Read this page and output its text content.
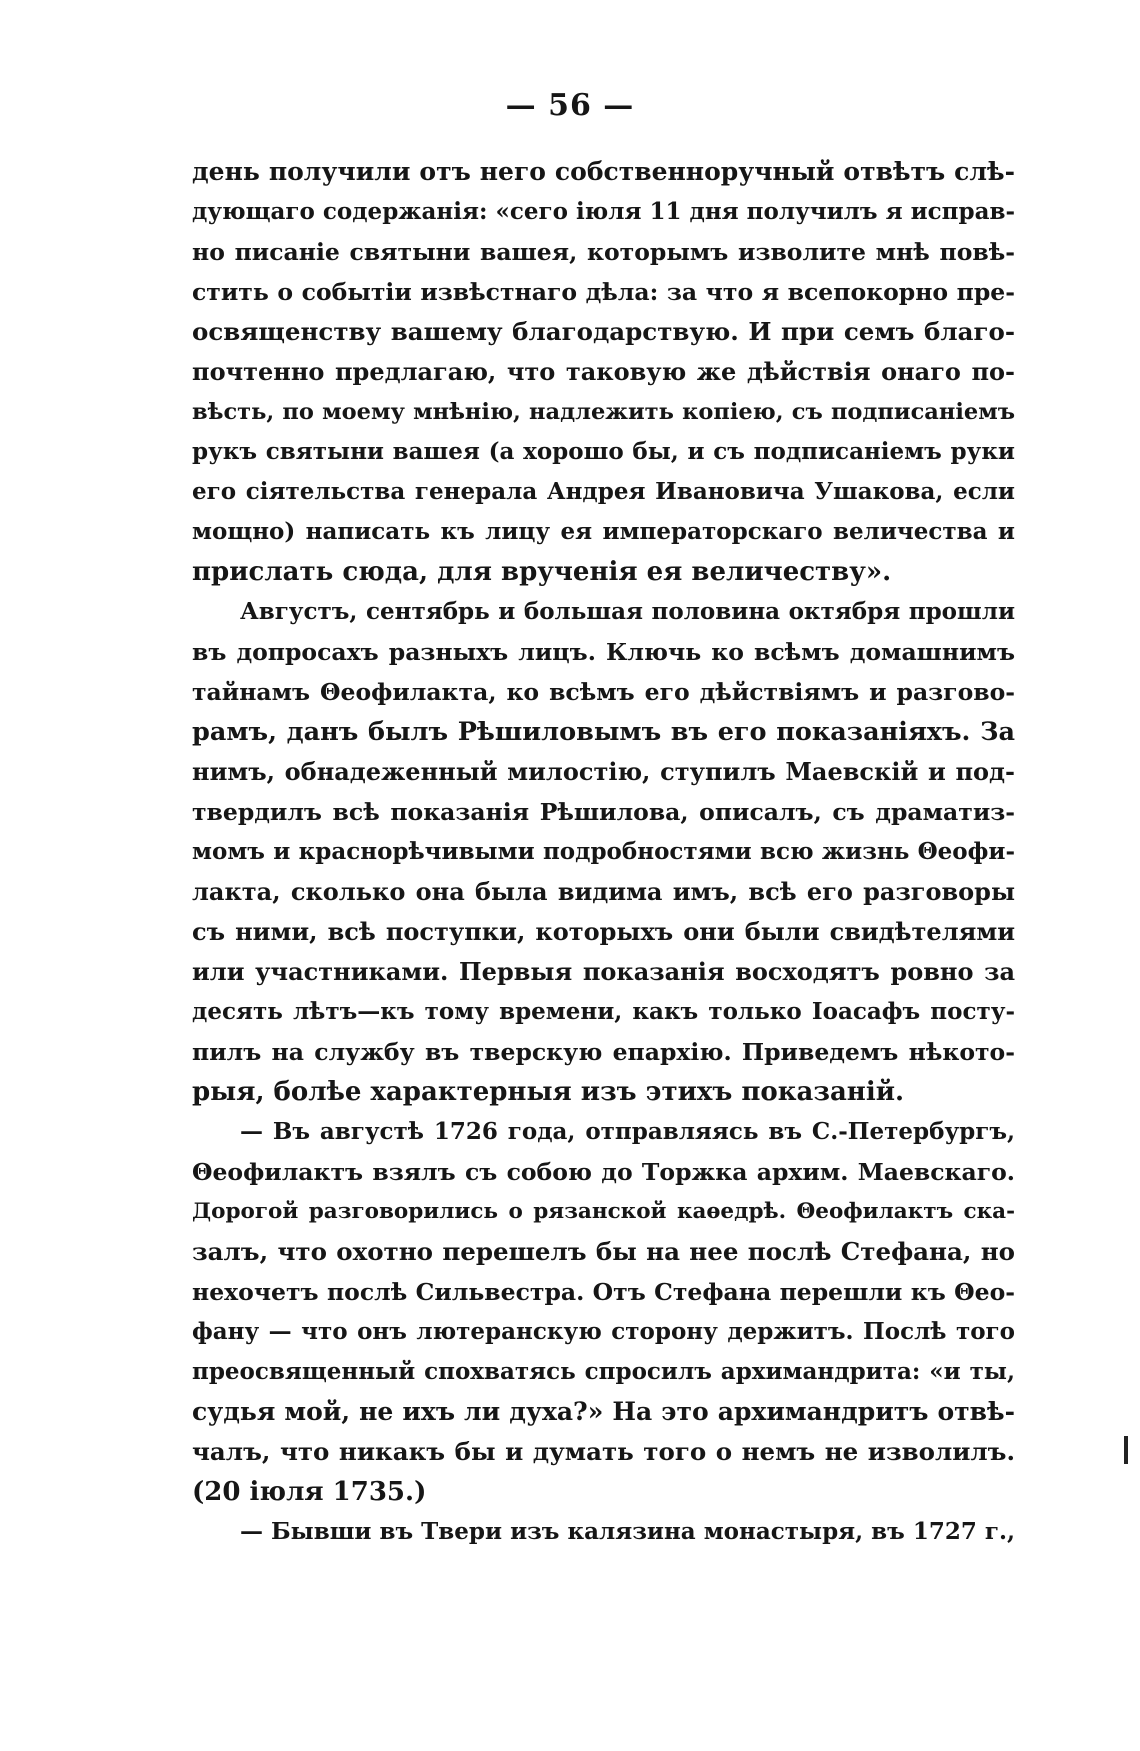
— 56 —
день получили отъ него собственноручный отвѣтъ слѣ-
дующаго содержанія: «сего іюля 11 дня получилъ я исправ-
но писаніе святыни вашея, которымъ изволите мнѣ повѣ-
стить о событіи извѣстнаго дѣла: за что я всепокорно пре-
освященству вашему благодарствую. И при семъ благо-
почтенно предлагаю, что таковую же дѣйствія онаго по-
вѣсть, по моему мнѣнію, надлежить копіею, съ подписаніемъ
рукъ святыни вашея (а хорошо бы, и съ подписаніемъ руки
его сіятельства генерала Андрея Ивановича Ушакова, если
мощно) написать къ лицу ея императорскаго величества и
прислать сюда, для врученія ея величеству».
Августъ, сентябрь и большая половина октября прошли
въ допросахъ разныхъ лицъ. Ключь ко всѣмъ домашнимъ
тайнамъ Θеофилакта, ко всѣмъ его дѣйствіямъ и разгово-
рамъ, данъ былъ Рѣшиловымъ въ его показаніяхъ. За
нимъ, обнадеженный милостію, ступилъ Маевскій и под-
твердилъ всѣ показанія Рѣшилова, описалъ, съ драматиз-
момъ и краснорѣчивыми подробностями всю жизнь Θеофи-
лакта, сколько она была видима имъ, всѣ его разговоры
съ ними, всѣ поступки, которыхъ они были свидѣтелями
или участниками. Первыя показанія восходятъ ровно за
десять лѣтъ—къ тому времени, какъ только Іоасафъ посту-
пилъ на службу въ тверскую епархію. Приведемъ нѣкото-
рыя, болѣе характерныя изъ этихъ показаній.
— Въ августѣ 1726 года, отправляясь въ С.-Петербургъ,
Θеофилактъ взялъ съ собою до Торжка архим. Маевскаго.
Дорогой разговорились о рязанской каѳедрѣ. Θеофилактъ ска-
залъ, что охотно перешелъ бы на нее послѣ Стефана, но
нехочетъ послѣ Сильвестра. Отъ Стефана перешли къ Θео-
фану — что онъ лютеранскую сторону держитъ. Послѣ того
преосвященный спохватясь спросилъ архимандрита: «и ты,
судья мой, не ихъ ли духа?» На это архимандритъ отвѣ-
чалъ, что никакъ бы и думать того о немъ не изволилъ.
(20 іюля 1735.)
— Бывши въ Твери изъ калязина монастыря, въ 1727 г.,
